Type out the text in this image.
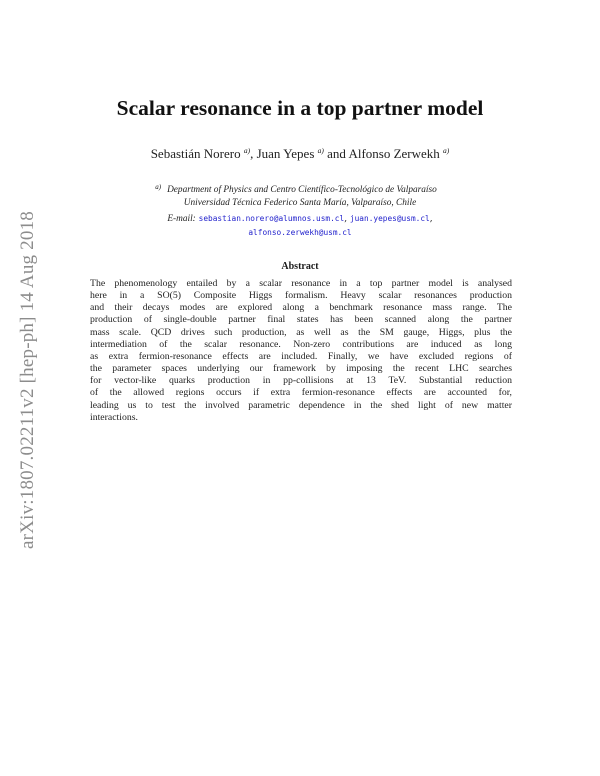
arXiv:1807.02211v2 [hep-ph] 14 Aug 2018
Scalar resonance in a top partner model
Sebastián Norero $^{a)}$, Juan Yepes $^{a)}$ and Alfonso Zerwekh $^{a)}$
$^{a)}$ Department of Physics and Centro Científico-Tecnológico de Valparaíso
Universidad Técnica Federico Santa María, Valparaíso, Chile
E-mail: sebastian.norero@alumnos.usm.cl, juan.yepes@usm.cl,
alfonso.zerwekh@usm.cl
Abstract
The phenomenology entailed by a scalar resonance in a top partner model is analysed
here in a SO(5) Composite Higgs formalism. Heavy scalar resonances production
and their decays modes are explored along a benchmark resonance mass range. The
production of single-double partner final states has been scanned along the partner
mass scale. QCD drives such production, as well as the SM gauge, Higgs, plus the
intermediation of the scalar resonance. Non-zero contributions are induced as long
as extra fermion-resonance effects are included. Finally, we have excluded regions of
the parameter spaces underlying our framework by imposing the recent LHC searches
for vector-like quarks production in pp-collisions at 13 TeV. Substantial reduction
of the allowed regions occurs if extra fermion-resonance effects are accounted for,
leading us to test the involved parametric dependence in the shed light of new matter
interactions.
